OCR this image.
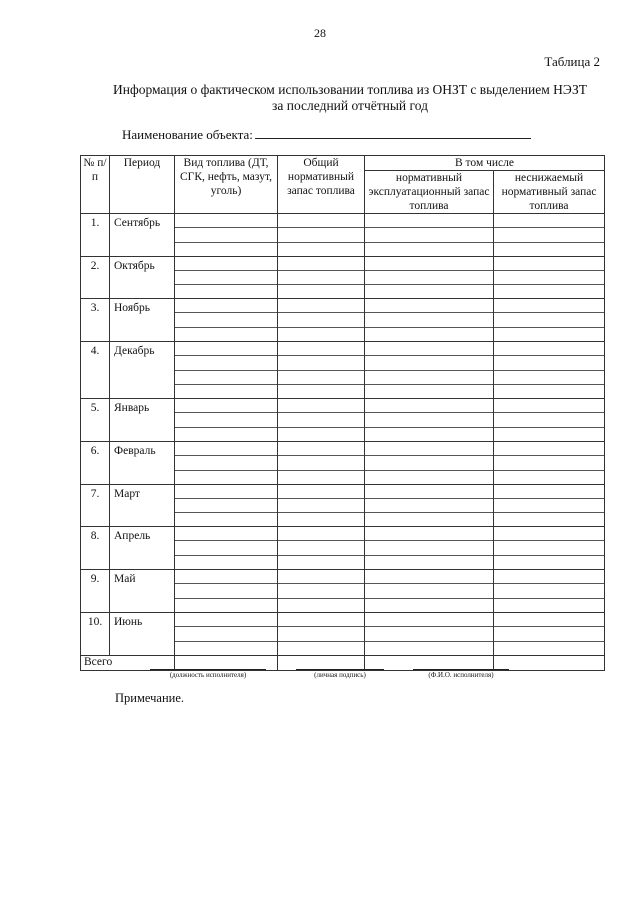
28
Таблица 2
Информация о фактическом использовании топлива из ОНЗТ с выделением НЭЗТ
за последний отчётный год
Наименование объекта:
№ п/п	Период	Вид топлива (ДТ, СГК, нефть, мазут, уголь)	Общий нормативный запас топлива	В том числе	
				нормативный эксплуатационный запас топлива	неснижаемый нормативный запас топлива
1.	Сентябрь	

2.	Октябрь	

3.	Ноябрь	

4.	Декабрь	

5.	Январь	

6.	Февраль	

7.	Март	

8.	Апрель	

9.	Май	

10.	Июнь	

Всего					
(должность исполнителя)	(личная подпись)	(Ф.И.О. исполнителя)
Примечание.
